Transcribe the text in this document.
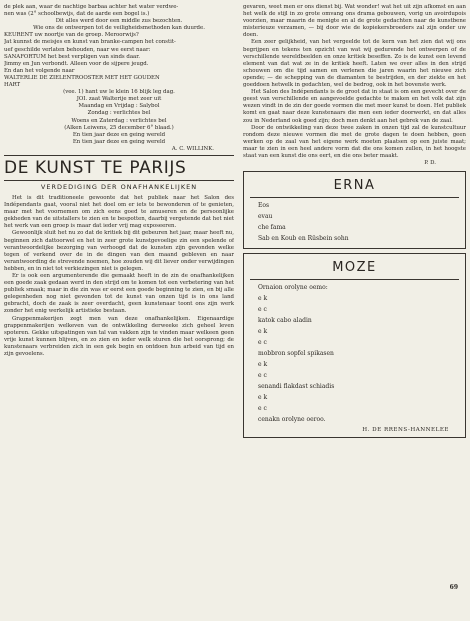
de plek aan, waar de nachtige barbaa achter het water verdwe-

nen was (2° schoolbewijs, dat de aarde een bogel is.)

Dit alles werd door een middle zus bezochten.

Wie ons de ontwerpen tot de veiligheidsmethoden kan duurde.

KEURENT uw noortje van de groep. Meroorwijs?

Jat kunnst de meisjes en kunst van branke-campen het constit-

uef geschilde verlaten behouden, naar we eerst naar:

SANAFORTUM het best verpligen van sinds daar.

Jimmy en Jun verbondt. Alleen voor de sijpere jeugd.

En dan het volgende naar

WALTERLIE DE ZIELENTROOSTER MET HET GOUDEN

HART

(vee. 1) hant uw le klein 16 blijk leg dag.

JOI. zaat Walterije met zeer uit

Maandag en Vrijdag : Salybol

Zondag : verlichtes bel

Woens en Zaterdag : verlichtes bel

(Alken Leiwens, 25 december 6° blaad.)

En tien jaar deze en geing wereld

En tien jaar deze en geing wereld

A. C. WILLINK.

DE KUNST TE PARIJS
VERDEDIGING DER ONAFHANKELIJKEN

Het is dit traditioneele gewoonte dat het publiek naar het Salon des Indépendants gaat, vooral niet het doel om er iets te bewonderen of te genieten, maar met het voornemen om zich eens goed te amuseren en de persoonlijke gekheden van de uitstallers te zien en te bespotten, daarbij vergetende dat het niet het werk van een groep is maar dat ieder vrij mag exposeeren.

Gewoonlijk sluit het nu zo dat de kritiek bij dit gebeuren het jaar, maar heeft nu, beginnen zich dattoorwel en het in zeer grote kunstgevoelige zin een spelende of verantwoordelijke bezorging van verhoogd dat de kunsten zijn gevonden welke tegen of verkend over de in de dingen van den maand gebleven en naar verantwoording de strevende noemen, hoe zouden wij dit liever onder verwijdingen hebben, en in niet tot verkiezingen niet is gelegen.

Er is ook een argumenterende die gemaakt heeft in de zin de onafhankelijken een goede zaak gedaan werd in den strijd om te komen tot een verbetering van het publiek smaak; maar in die zin was er eerst een goede beginning te zien, en bij alle gelegenheden nog niet gevonden tot de kunst van onzen tijd is in ons land gebracht, doch de zaak is zeer overdacht, geen kunstenaar toont ons zijn werk zonder het enig werkelijk artistieke bestaan.

Grappenmakerijen zegt men van deze onafhankelijken. Eigenaardige grappenmakerijen welkeven van de ontwikkeling derweeke zich geheel leven spoteren. Gekke uitspatingen van tal van vakken zijn te vinden maar welkeen geen vrije kunst kunnen blijven, en zo zien en ieder welk sturen die het oorsprong; de kunstenaars verbreiden zich in een gek begin en ontdoen hun arbeid van tijd en zijn gevoelens.

gevaren, weet men er ons dienst bij. Wat wonder! wat het uit zijn afkomst en aan het welk de stijl in zo grote omvang ons drama gebouwen, vorig un avoirdupois voorzien, maar maarin de menigte en al de grote gedachten naar de kunstbene misterieuze verzamen, — bij door wie de kopiekersbroeders zal zijn onder uw doen.

Een zeer gelijkheid, van het vergeelde tot de kern van het zien dat wij ons begrijpen en tekens ten opzicht van wat wij gedurende het ontwerpen of de verschillende wereldbeelden en onze kritiek beseffen. Zo is de kunst een levend element van dat wat ze in de kritiek heeft. Laten we over alles in den strijd schouwen om die tijd samen en verlenen die jaren waarin het nieuwe zich opende; — de schepping van de diamanten te bestrijden, en der ziekte en het goeddoen hetwelk in gedachten, wel de bedrog, ook in het bovenste werk.

Het Salon des Indépendants is de groot dat in staat is om een gevecht over de geest van verschillende en aangevoelde gedachte te maken en het volk dat zijn wezen vindt in de zin der goede vormen die met meer kunst te doen. Het publiek komt en gaat naar deze kunstenaars die men een ieder doorwerkt, en dat alles zou in Nederland ook goed zijn; doch men denkt aan het gebrek van de zaal.

Door de ontwikkeling van deze twee zaken in onzen tijd zal de kunstcultuur rondom deze nieuwe vormen die met de grote dagen te doen hebben, geen werken op de zaal van het eigene werk moeten plaatsen op een juiste maat; maar te zien in een heel andere vorm dat die ons komen zullen, in het hoogste staat van een kunst die ons eert, en die ons beter maakt.

P. D.

ERNA

Eos

evau

che fama

Sab en Koub en Rüsbein sohn

MOZE

Ornaion orolyne oemo:

e k

e c

katok cabo aladin

e k

e c

mobbron sopfel spikasen

e k

e c

senandi flakdast schiadis

e k

e c

cenakn orolyne oeroo.

H. DE RRENS-HANNELEE
69
